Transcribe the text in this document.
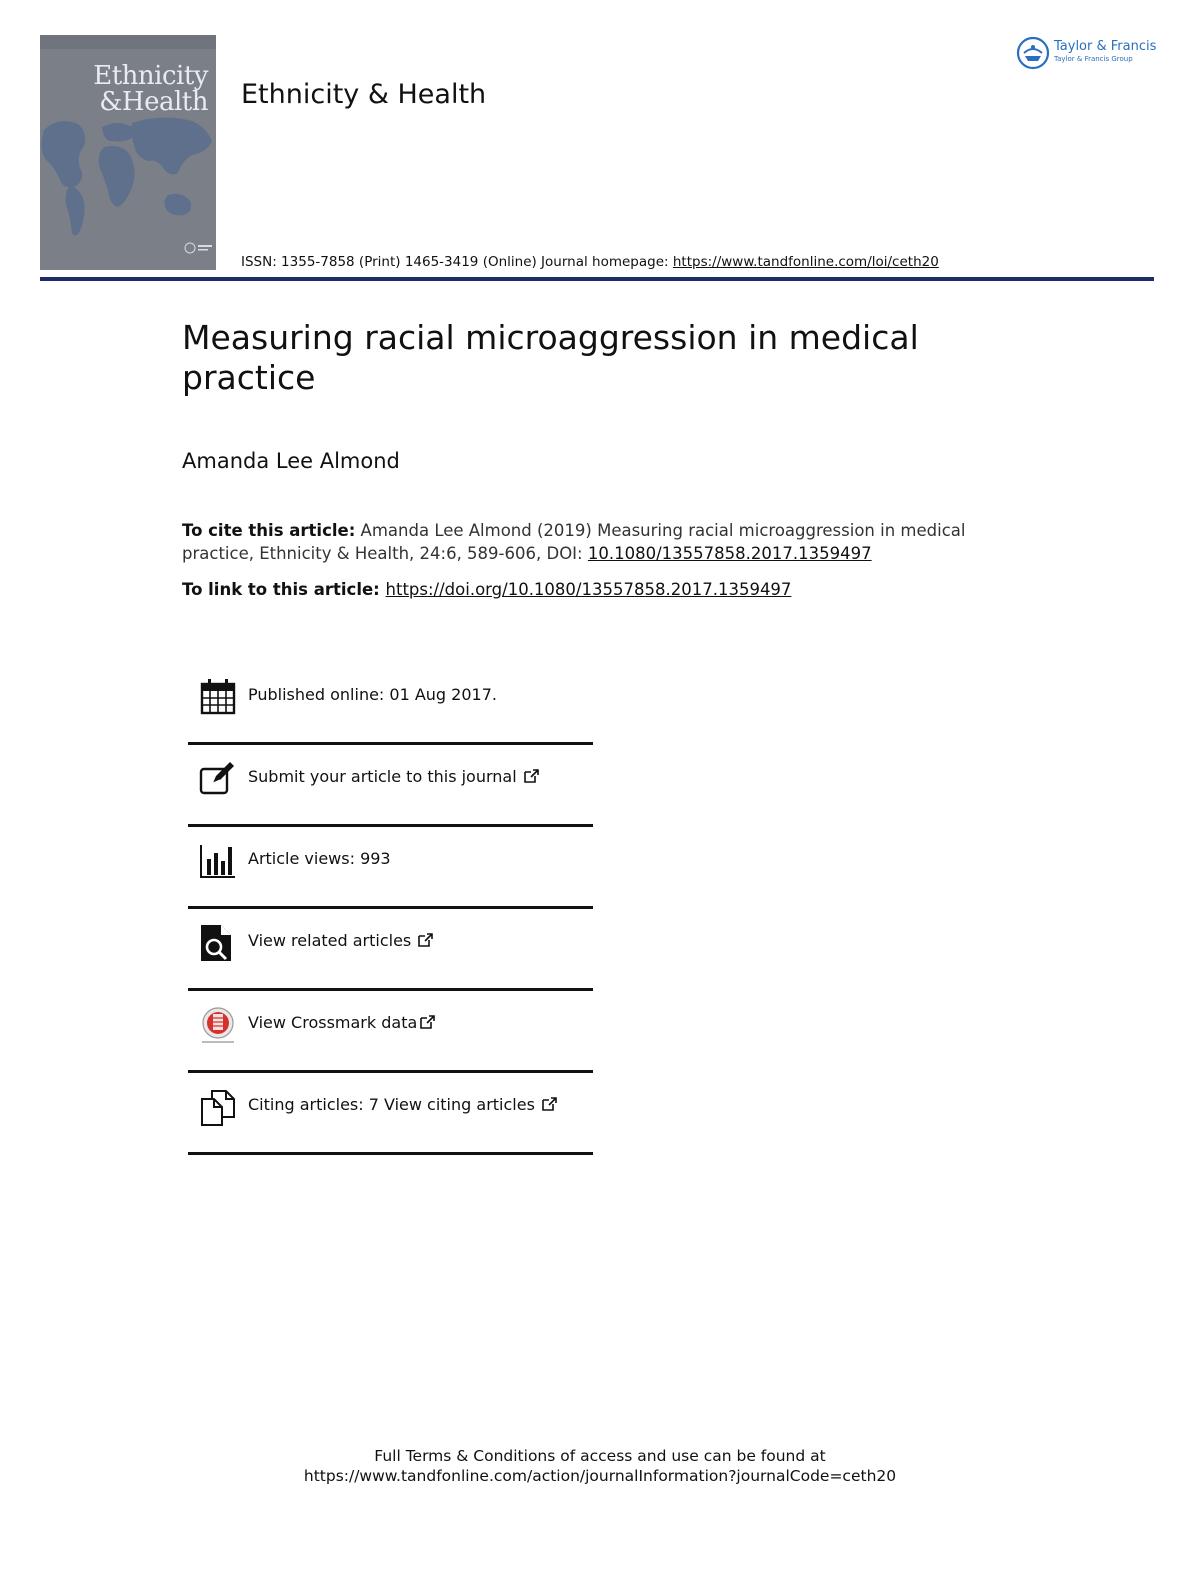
Ethnicity
&Health Ethnicity & Health
ISSN: 1355-7858 (Print) 1465-3419 (Online) Journal homepage: https://www.tandfonline.com/loi/ceth20
Taylor & Francis
Taylor & Francis Group
Measuring racial microaggression in medical practice
Amanda Lee Almond
To cite this article: Amanda Lee Almond (2019) Measuring racial microaggression in medical practice, Ethnicity & Health, 24:6, 589-606, DOI: 10.1080/13557858.2017.1359497
To link to this article: https://doi.org/10.1080/13557858.2017.1359497
Published online: 01 Aug 2017.
Submit your article to this journal
Article views: 993
View related articles
View Crossmark data
Citing articles: 7 View citing articles
Full Terms & Conditions of access and use can be found at
https://www.tandfonline.com/action/journalInformation?journalCode=ceth20
